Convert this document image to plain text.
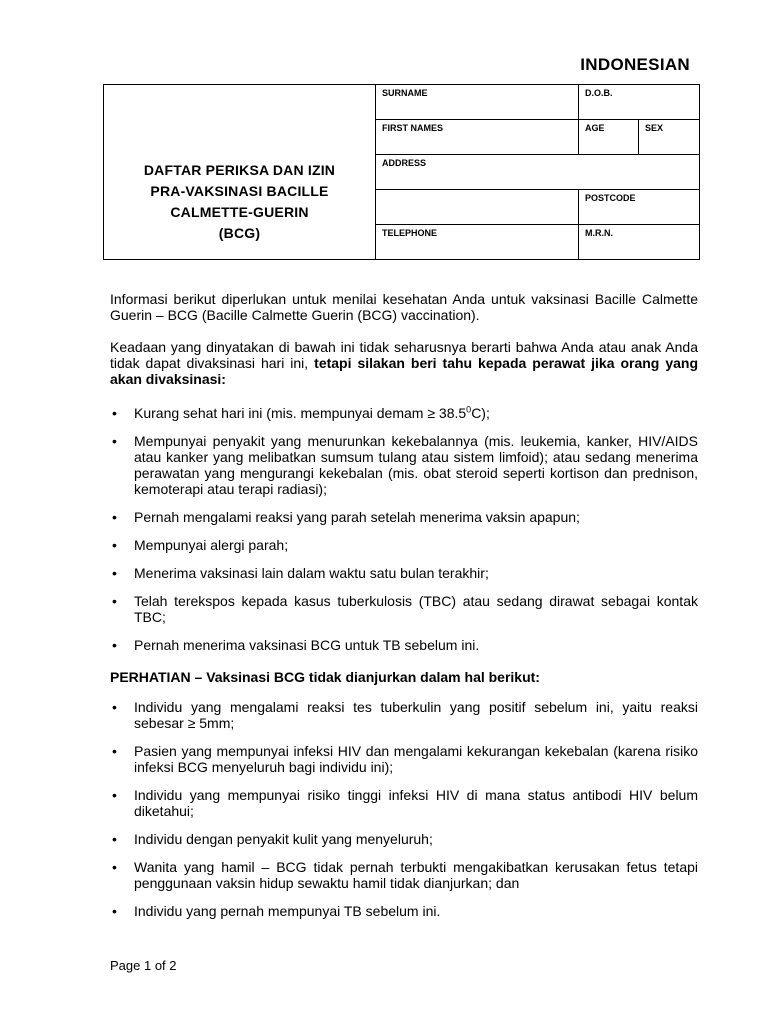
INDONESIAN
DAFTAR PERIKSA DAN IZIN
PRA-VAKSINASI BACILLE
CALMETTE-GUERIN
(BCG)	SURNAME	D.O.B.	
	FIRST NAMES	AGE	SEX
	ADDRESS		
		POSTCODE	
	TELEPHONE	M.R.N.	

Informasi berikut diperlukan untuk menilai kesehatan Anda untuk vaksinasi Bacille Calmette Guerin – BCG (Bacille Calmette Guerin (BCG) vaccination).

Keadaan yang dinyatakan di bawah ini tidak seharusnya berarti bahwa Anda atau anak Anda tidak dapat divaksinasi hari ini, tetapi silakan beri tahu kepada perawat jika orang yang akan divaksinasi:

• Kurang sehat hari ini (mis. mempunyai demam ≥ $38.5^0C$);
• Mempunyai penyakit yang menurunkan kekebalannya (mis. leukemia, kanker, HIV/AIDS atau kanker yang melibatkan sumsum tulang atau sistem limfoid); atau sedang menerima perawatan yang mengurangi kekebalan (mis. obat steroid seperti kortison dan prednison, kemoterapi atau terapi radiasi);
• Pernah mengalami reaksi yang parah setelah menerima vaksin apapun;
• Mempunyai alergi parah;
• Menerima vaksinasi lain dalam waktu satu bulan terakhir;
• Telah terekspos kepada kasus tuberkulosis (TBC) atau sedang dirawat sebagai kontak TBC;
• Pernah menerima vaksinasi BCG untuk TB sebelum ini.
PERHATIAN – Vaksinasi BCG tidak dianjurkan dalam hal berikut:
• Individu yang mengalami reaksi tes tuberkulin yang positif sebelum ini, yaitu reaksi sebesar ≥ 5mm;
• Pasien yang mempunyai infeksi HIV dan mengalami kekurangan kekebalan (karena risiko infeksi BCG menyeluruh bagi individu ini);
• Individu yang mempunyai risiko tinggi infeksi HIV di mana status antibodi HIV belum diketahui;
• Individu dengan penyakit kulit yang menyeluruh;
• Wanita yang hamil – BCG tidak pernah terbukti mengakibatkan kerusakan fetus tetapi penggunaan vaksin hidup sewaktu hamil tidak dianjurkan; dan
• Individu yang pernah mempunyai TB sebelum ini.
Page 1 of 2
